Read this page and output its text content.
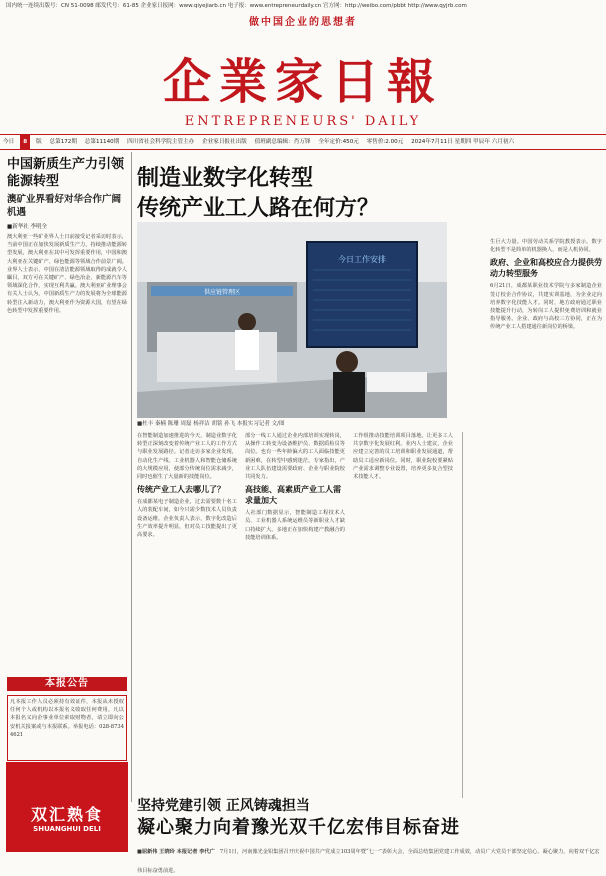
国内统一连续出版号：CN 51-0098 邮发代号：61-85 企业家日报网：www.qiyejiarb.cn 电子报：www.entrepreneurdaily.cn 官方网：http://weibo.com/pbbt http://www.qyjrb.com
做中国企业的思想者
企業家日報
ENTREPRENEURS' DAILY
今日 8 版 总第172期 总第11140期 四川省社会科学院主管主办 企业家日报社出版 值班副总编辑：肖万锋 全年定价:450元 零售价:2.00元 2024年7月11日 星期四 甲辰年 六月初六
中国新质生产力引领能源转型
澳矿业界看好对华合作广阔机遇
■新华社 李明全
澳大利亚一些矿业界人士日前接受记者采访时表示，当前中国正在加快发展新质生产力，持续推动能源转型发展，澳大利亚在其中可发挥重要作用，中国和澳大利亚在关键矿产、绿色能源等领域合作前景广阔。业界人士表示，中国在清洁能源领域取得的成就令人瞩目，双方可在关键矿产、绿色冶金、新能源汽车等领域深化合作，实现互利共赢。澳大利亚矿业理事会有关人士认为，中国新质生产力的发展将为全球能源转型注入新动力，澳大利亚作为资源大国，有望在绿色转型中发挥重要作用。
本报公告
凡本报工作人员必须持有效证件，本报从未授权任何个人或机构以本报名义收取任何费用。凡以本报名义向企事业单位索取财物者，请立即向公安机关报案或与本报联系。举报电话：028-87344621
双汇熟食
SHUANGHUI DELI
制造业数字化转型
传统产业工人路在何方？
今日工作安排
供应链管理区
■杜丰 秦楠 陈珊 周磊 杨祥洁 胡铭 孙飞 本报实习记者 文/图
在智能制造加速推进的今天，制造业数字化转型正深刻改变着传统产业工人的工作方式与职业发展路径。记者走访多家企业发现，自动化生产线、工业机器人和智能仓储系统的大规模应用，使部分传统岗位需求减少，同时也催生了大量新的技能岗位。
传统产业工人去哪儿了？
在成都某电子制造企业，过去需要数十名工人的装配车间，如今只需少数技术人员负责设备运维。企业负责人表示，数字化改造后生产效率提升明显，但对员工技能提出了更高要求。
部分一线工人通过企业内部培训实现转岗，从操作工转变为设备维护员、数据质检员等岗位。也有一些年龄偏大的工人面临技能更新困难，在转型中感到迷茫。专家指出，产业工人队伍建设需要政府、企业与职业院校共同发力。
高技能、高素质产业工人需求量加大
人社部门数据显示，智能制造工程技术人员、工业机器人系统运维员等新职业人才缺口持续扩大。多地正在加快构建产教融合的技能培训体系。
工作组推动技能培训项目落地，让更多工人共享数字化发展红利。业内人士建议，企业应建立完善的员工培训和职业发展通道，帮助员工适应新岗位。同时，职业院校要紧贴产业需求调整专业设置，培养更多复合型技术技能人才。
生巨大力量。中国劳动关系学院教授表示，数字化转型不是简单的机器换人，而是人机协同。
政府、企业和高校应合力提供劳动力转型服务
6月21日，成都某职业技术学院与多家制造企业签订校企合作协议，共建实训基地，为企业定向培养数字化技能人才。同时，地方政府通过职业技能提升行动，为转岗工人提供免费培训和就业指导服务。企业、政府与高校三方协同，正在为传统产业工人搭建通往新岗位的桥梁。
坚持党建引领 正风铸魂担当
凝心聚力向着豫光双千亿宏伟目标奋进
■屈新伟 王晓玲 本报记者 李代广 7月1日，河南豫光金铅集团召开庆祝中国共产党成立103周年暨“七一”表彰大会，全面总结集团党建工作成效，动员广大党员干部坚定信心、凝心聚力，向着双千亿宏伟目标奋勇前进。
